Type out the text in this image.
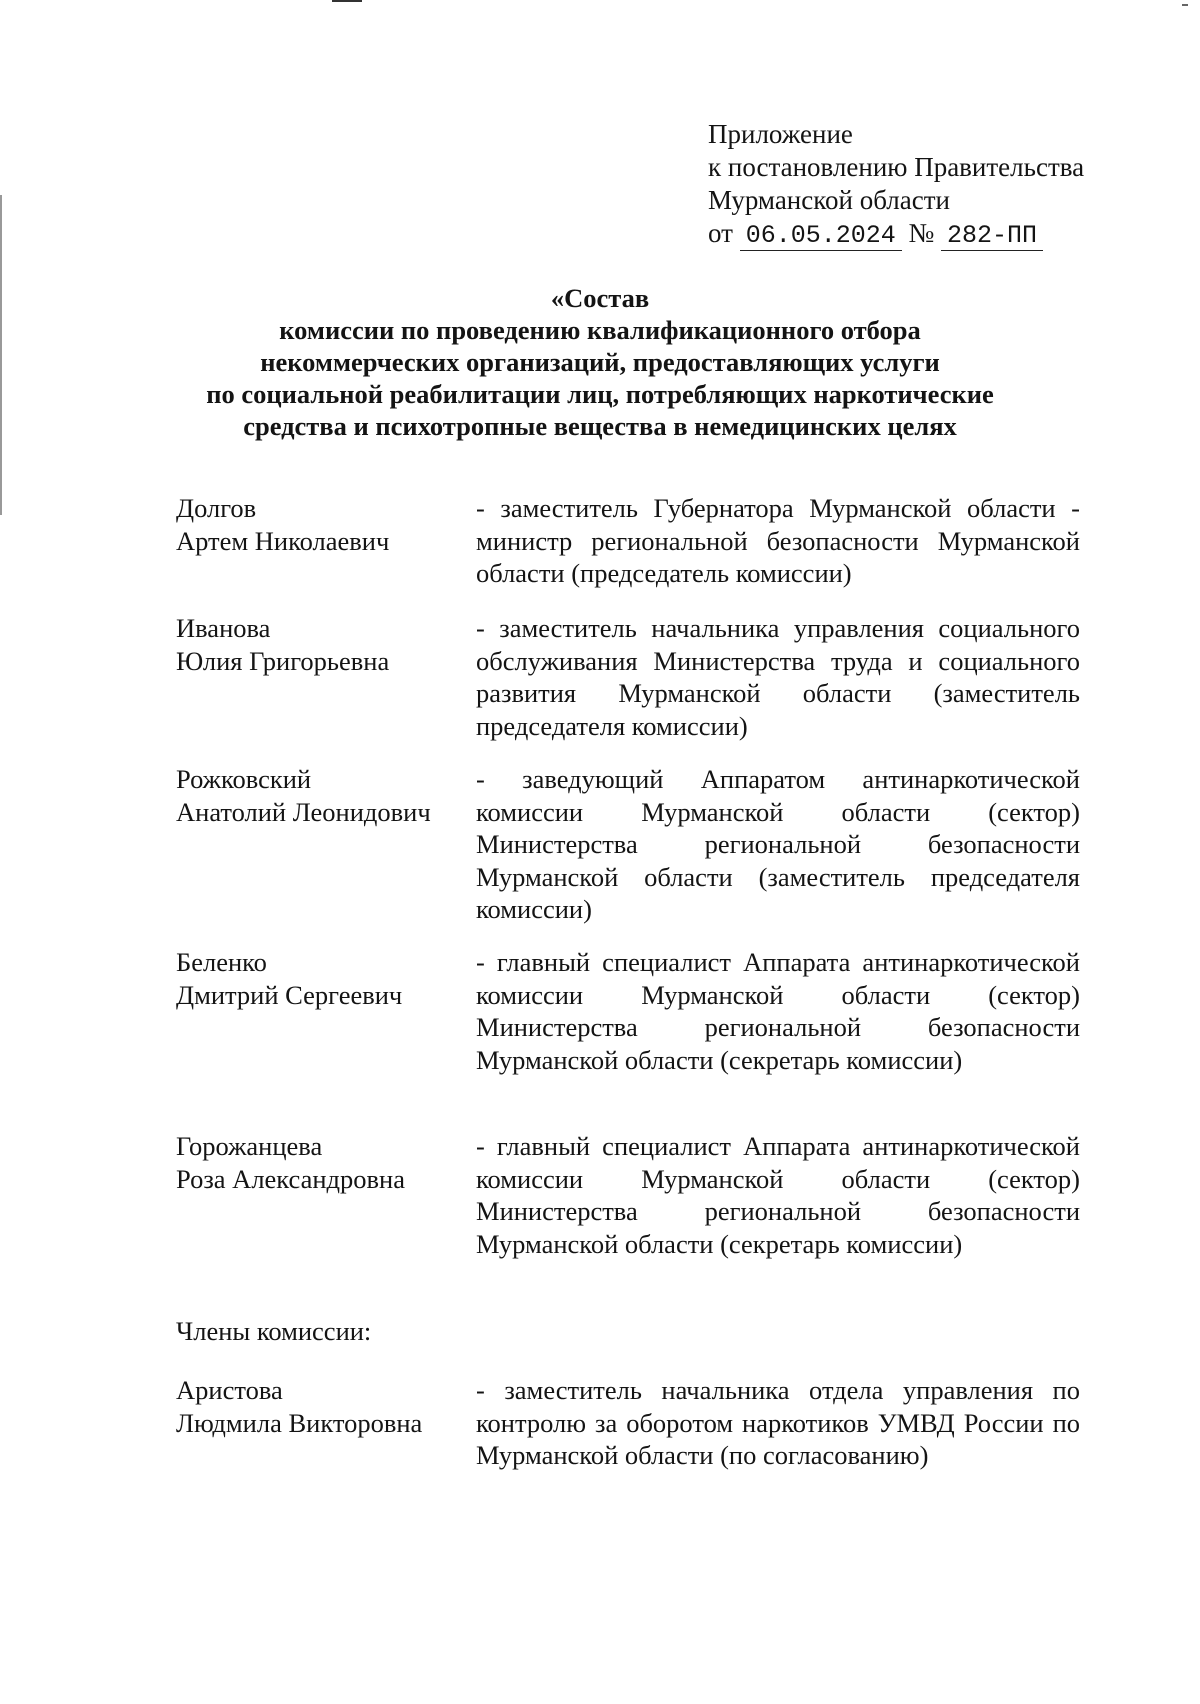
Приложение
к постановлению Правительства
Мурманской области
от 06.05.2024 № 282-ПП
«Состав
комиссии по проведению квалификационного отбора
некоммерческих организаций, предоставляющих услуги
по социальной реабилитации лиц, потребляющих наркотические
средства и психотропные вещества в немедицинских целях
Долгов
Артем Николаевич
- заместитель Губернатора Мурманской области - министр региональной безопасности Мурманской области (председатель комиссии)
Иванова
Юлия Григорьевна
- заместитель начальника управления социального обслуживания Министерства труда и социального развития Мурманской области (заместитель председателя комиссии)
Рожковский
Анатолий Леонидович
- заведующий Аппаратом антинаркотической комиссии Мурманской области (сектор) Министерства региональной безопасности Мурманской области (заместитель председателя комиссии)
Беленко
Дмитрий Сергеевич
- главный специалист Аппарата антинаркотической комиссии Мурманской области (сектор) Министерства региональной безопасности Мурманской области (секретарь комиссии)
Горожанцева
Роза Александровна
- главный специалист Аппарата антинаркотической комиссии Мурманской области (сектор) Министерства региональной безопасности Мурманской области (секретарь комиссии)
Члены комиссии:
Аристова
Людмила Викторовна
- заместитель начальника отдела управления по контролю за оборотом наркотиков УМВД России по Мурманской области (по согласованию)
